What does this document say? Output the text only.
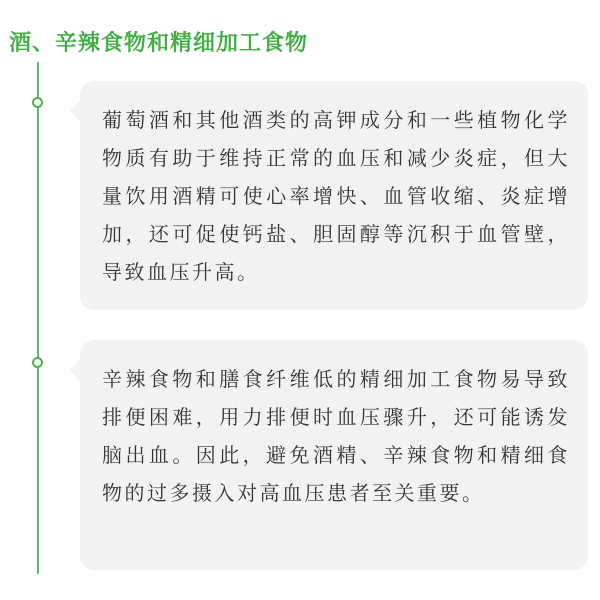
酒、辛辣食物和精细加工食物

葡萄酒和其他酒类的高钾成分和一些植物化学物质有助于维持正常的血压和减少炎症，但大量饮用酒精可使心率增快、血管收缩、炎症增加，还可促使钙盐、胆固醇等沉积于血管壁，导致血压升高。

辛辣食物和膳食纤维低的精细加工食物易导致排便困难，用力排便时血压骤升，还可能诱发脑出血。因此，避免酒精、辛辣食物和精细食物的过多摄入对高血压患者至关重要。
